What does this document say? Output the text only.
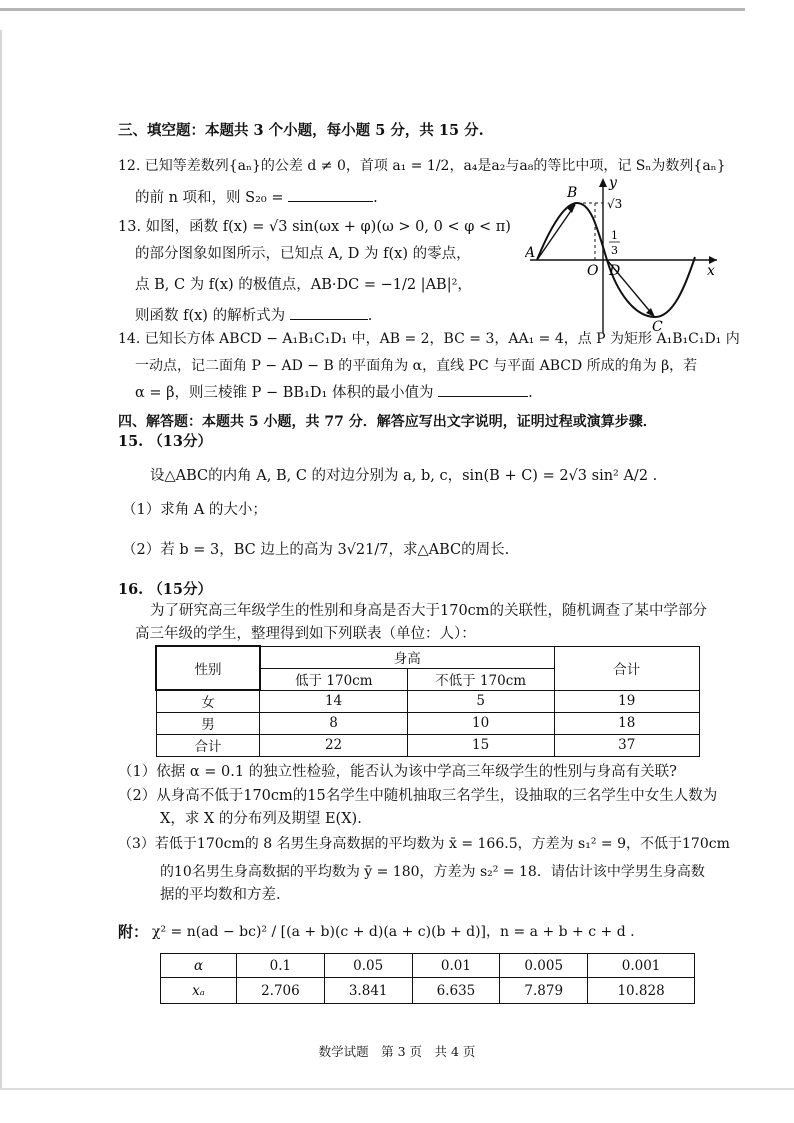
三、填空题：本题共 3 个小题，每小题 5 分，共 15 分.
12. 已知等差数列{aₙ}的公差 d ≠ 0，首项 a₁ = 1/2，a₄是a₂与a₈的等比中项，记 Sₙ为数列{aₙ}
的前 n 项和，则 S₂₀ =	.
13. 如图，函数 f(x) = √3 sin(ωx + φ)(ω > 0, 0 < φ < π)
的部分图象如图所示，已知点 A, D 为 f(x) 的零点，
点 B, C 为 f(x) 的极值点，AB·DC = −1/2 |AB|²，
则函数 f(x) 的解析式为	.
A
B
C
D
O	x
y
√3
1
3
14. 已知长方体 ABCD − A₁B₁C₁D₁ 中，AB = 2，BC = 3，AA₁ = 4，点 P 为矩形 A₁B₁C₁D₁ 内
一动点，记二面角 P − AD − B 的平面角为 α，直线 PC 与平面 ABCD 所成的角为 β，若
α = β，则三棱锥 P − BB₁D₁ 体积的最小值为	.
四、解答题：本题共 5 小题，共 77 分．解答应写出文字说明，证明过程或演算步骤．
15. （13分）
设△ABC的内角 A, B, C 的对边分别为 a, b, c，sin(B + C) = 2√3 sin² A/2 .
（1）求角 A 的大小；
（2）若 b = 3，BC 边上的高为 3√21/7，求△ABC的周长.
16. （15分）
为了研究高三年级学生的性别和身高是否大于170cm的关联性，随机调查了某中学部分
高三年级的学生，整理得到如下列联表（单位：人）：
性别	身高		合计
	低于 170cm	不低于 170cm	
女	14	5	19
男	8	10	18
合计	22	15	37
（1）依据 α = 0.1 的独立性检验，能否认为该中学高三年级学生的性别与身高有关联?
（2）从身高不低于170cm的15名学生中随机抽取三名学生，设抽取的三名学生中女生人数为
X，求 X 的分布列及期望 E(X).
（3）若低于170cm的 8 名男生身高数据的平均数为 x̄ = 166.5，方差为 s₁² = 9，不低于170cm
的10名男生身高数据的平均数为 ȳ = 180，方差为 s₂² = 18．请估计该中学男生身高数
据的平均数和方差.
附： χ² = n(ad − bc)² / [(a + b)(c + d)(a + c)(b + d)]，n = a + b + c + d .
α	0.1	0.05	0.01	0.005	0.001
xₐ	2.706	3.841	6.635	7.879	10.828
数学试题　第 3 页　共 4 页
